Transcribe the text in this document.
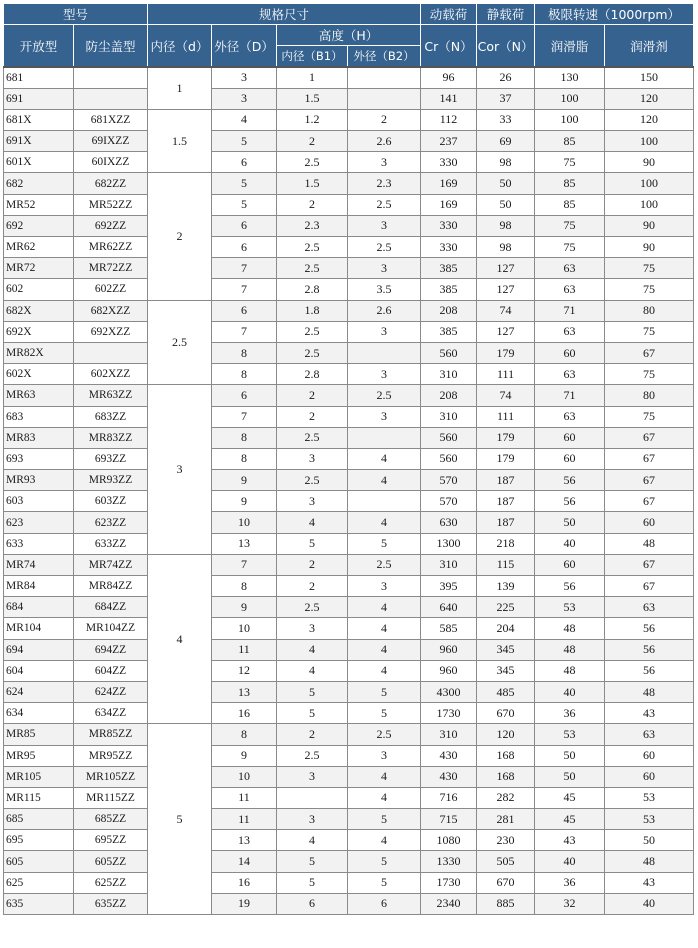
型号		规格尺寸				动载荷	静载荷	极限转速（1000rpm）	
开放型	防尘盖型	内径（d）	外径（D）	高度（H）		Cr（N）	Cor（N）	润滑脂	润滑剂
				内径（B1）	外径（B2）				
681		1	3	1		96	26	130	150
691			3	1.5		141	37	100	120
681X	681XZZ	1.5	4	1.2	2	112	33	100	120
691X	69IXZZ		5	2	2.6	237	69	85	100
601X	60IXZZ		6	2.5	3	330	98	75	90
682	682ZZ	2	5	1.5	2.3	169	50	85	100
MR52	MR52ZZ		5	2	2.5	169	50	85	100
692	692ZZ		6	2.3	3	330	98	75	90
MR62	MR62ZZ		6	2.5	2.5	330	98	75	90
MR72	MR72ZZ		7	2.5	3	385	127	63	75
602	602ZZ		7	2.8	3.5	385	127	63	75
682X	682XZZ	2.5	6	1.8	2.6	208	74	71	80
692X	692XZZ		7	2.5	3	385	127	63	75
MR82X			8	2.5		560	179	60	67
602X	602XZZ		8	2.8	3	310	111	63	75
MR63	MR63ZZ	3	6	2	2.5	208	74	71	80
683	683ZZ		7	2	3	310	111	63	75
MR83	MR83ZZ		8	2.5		560	179	60	67
693	693ZZ		8	3	4	560	179	60	67
MR93	MR93ZZ		9	2.5	4	570	187	56	67
603	603ZZ		9	3		570	187	56	67
623	623ZZ		10	4	4	630	187	50	60
633	633ZZ		13	5	5	1300	218	40	48
MR74	MR74ZZ	4	7	2	2.5	310	115	60	67
MR84	MR84ZZ		8	2	3	395	139	56	67
684	684ZZ		9	2.5	4	640	225	53	63
MR104	MR104ZZ		10	3	4	585	204	48	56
694	694ZZ		11	4	4	960	345	48	56
604	604ZZ		12	4	4	960	345	48	56
624	624ZZ		13	5	5	4300	485	40	48
634	634ZZ		16	5	5	1730	670	36	43
MR85	MR85ZZ	5	8	2	2.5	310	120	53	63
MR95	MR95ZZ		9	2.5	3	430	168	50	60
MR105	MR105ZZ		10	3	4	430	168	50	60
MR115	MR115ZZ		11		4	716	282	45	53
685	685ZZ		11	3	5	715	281	45	53
695	695ZZ		13	4	4	1080	230	43	50
605	605ZZ		14	5	5	1330	505	40	48
625	625ZZ		16	5	5	1730	670	36	43
635	635ZZ		19	6	6	2340	885	32	40
